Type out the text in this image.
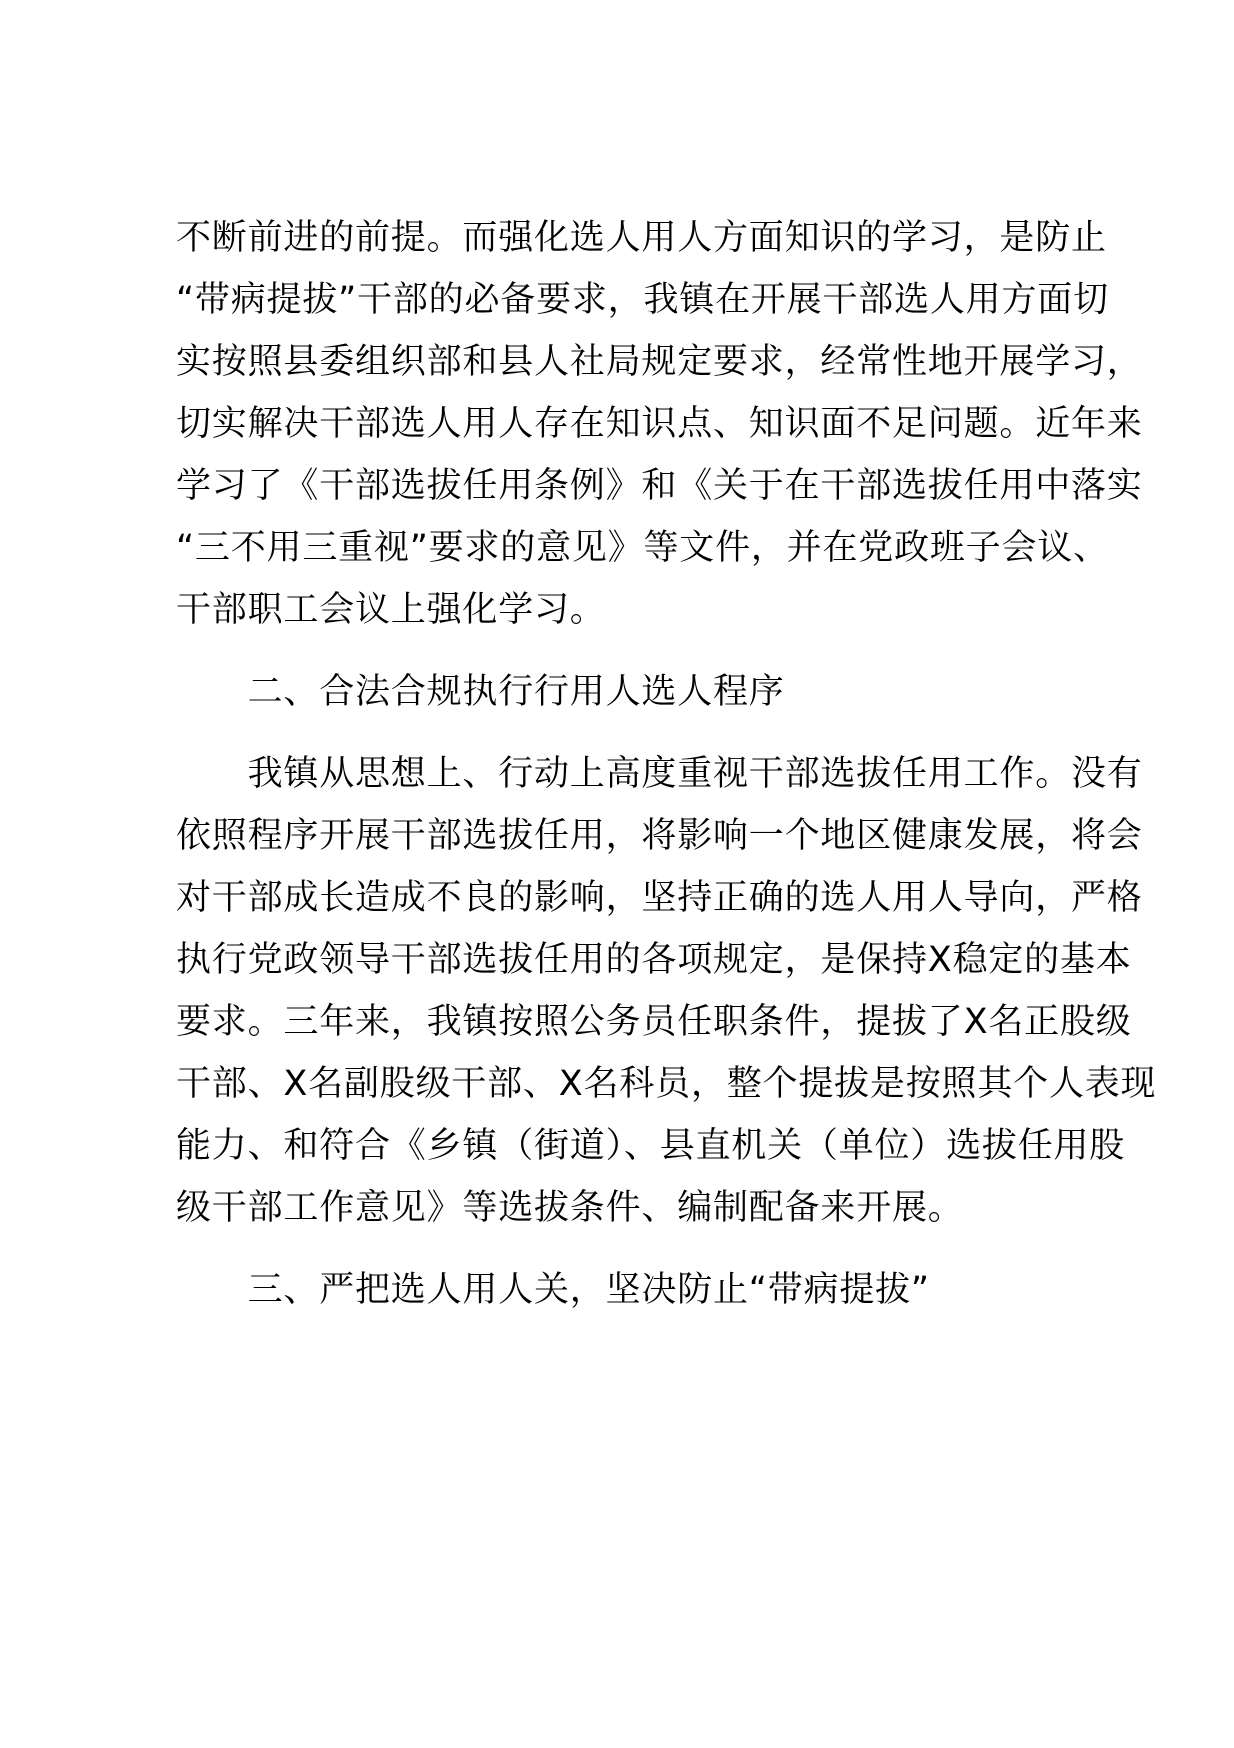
不断前进的前提。而强化选人用人方面知识的学习，是防止

“带病提拔”干部的必备要求，我镇在开展干部选人用方面切

实按照县委组织部和县人社局规定要求，经常性地开展学习，

切实解决干部选人用人存在知识点、知识面不足问题。近年来

学习了《干部选拔任用条例》和《关于在干部选拔任用中落实

“三不用三重视”要求的意见》等文件，并在党政班子会议、

干部职工会议上强化学习。

　　二、合法合规执行行用人选人程序

　　我镇从思想上、行动上高度重视干部选拔任用工作。没有

依照程序开展干部选拔任用，将影响一个地区健康发展，将会

对干部成长造成不良的影响，坚持正确的选人用人导向，严格

执行党政领导干部选拔任用的各项规定，是保持X稳定的基本

要求。三年来，我镇按照公务员任职条件，提拔了X名正股级

干部、X名副股级干部、X名科员，整个提拔是按照其个人表现

能力、和符合《乡镇（街道）、县直机关（单位）选拔任用股

级干部工作意见》等选拔条件、编制配备来开展。

　　三、严把选人用人关，坚决防止“带病提拔”
